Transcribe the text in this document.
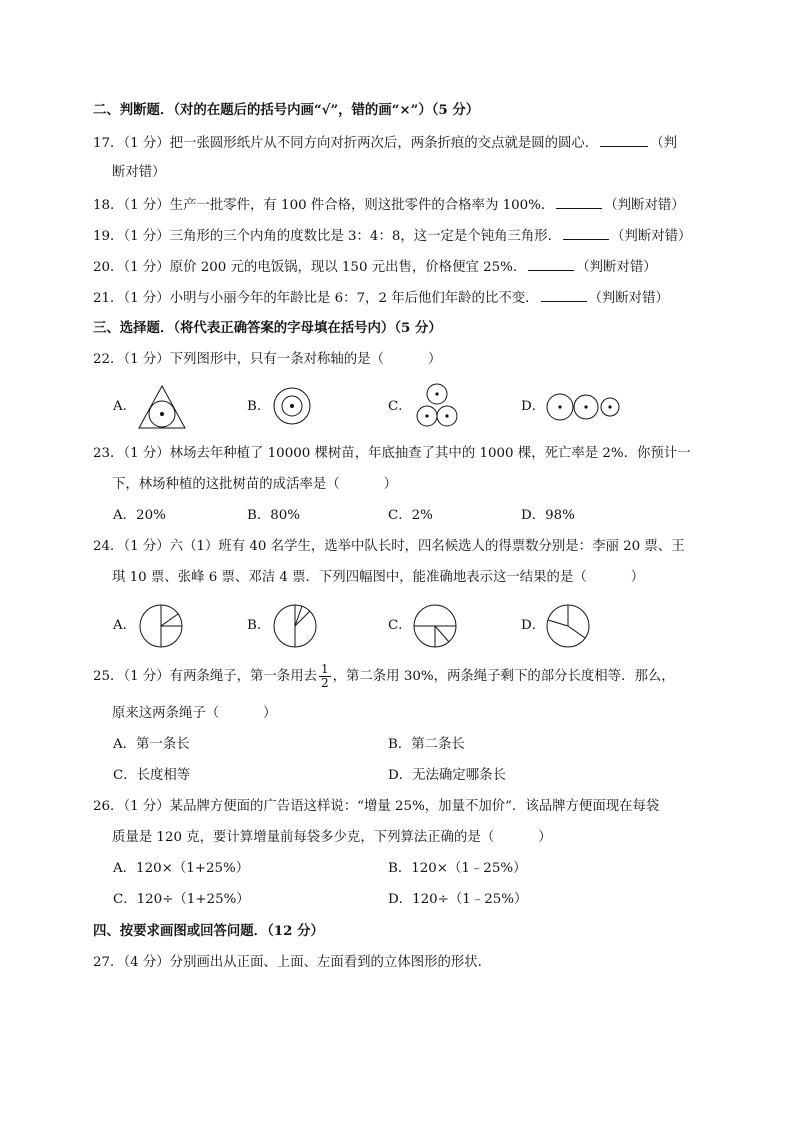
二、判断题．（对的在题后的括号内画“√”，错的画“×”）（5 分）
17．（1 分）把一张圆形纸片从不同方向对折两次后，两条折痕的交点就是圆的圆心．	（判
断对错）
18．（1 分）生产一批零件，有 100 件合格，则这批零件的合格率为 100%．	（判断对错）
19．（1 分）三角形的三个内角的度数比是 3：4：8，这一定是个钝角三角形．	（判断对错）
20．（1 分）原价 200 元的电饭锅，现以 150 元出售，价格便宜 25%．	（判断对错）
21．（1 分）小明与小丽今年的年龄比是 6：7，2 年后他们年龄的比不变．	（判断对错）
三、选择题．（将代表正确答案的字母填在括号内）（5 分）
22．（1 分）下列图形中，只有一条对称轴的是（	）
A．	B．	C．	D．
23．（1 分）林场去年种植了 10000 棵树苗，年底抽查了其中的 1000 棵，死亡率是 2%．你预计一
下，林场种植的这批树苗的成活率是（	）
A．20%	B．80%	C．2%	D．98%
24．（1 分）六（1）班有 40 名学生，选举中队长时，四名候选人的得票数分别是：李丽 20 票、王
琪 10 票、张峰 6 票、邓洁 4 票．下列四幅图中，能准确地表示这一结果的是（	）
A．	B．	C．	D．
25．（1 分）有两条绳子，第一条用去 $\frac{1}{2}$ ，第二条用 30%，两条绳子剩下的部分长度相等．那么，
原来这两条绳子（	）
A．第一条长	B．第二条长
C．长度相等	D．无法确定哪条长
26．（1 分）某品牌方便面的广告语这样说：“增量 25%，加量不加价”．该品牌方便面现在每袋
质量是 120 克，要计算增量前每袋多少克，下列算法正确的是（	）
A．120×（1+25%）	B．120×（1﹣25%）
C．120÷（1+25%）	D．120÷（1﹣25%）
四、按要求画图或回答问题．（12 分）
27．（4 分）分别画出从正面、上面、左面看到的立体图形的形状．
